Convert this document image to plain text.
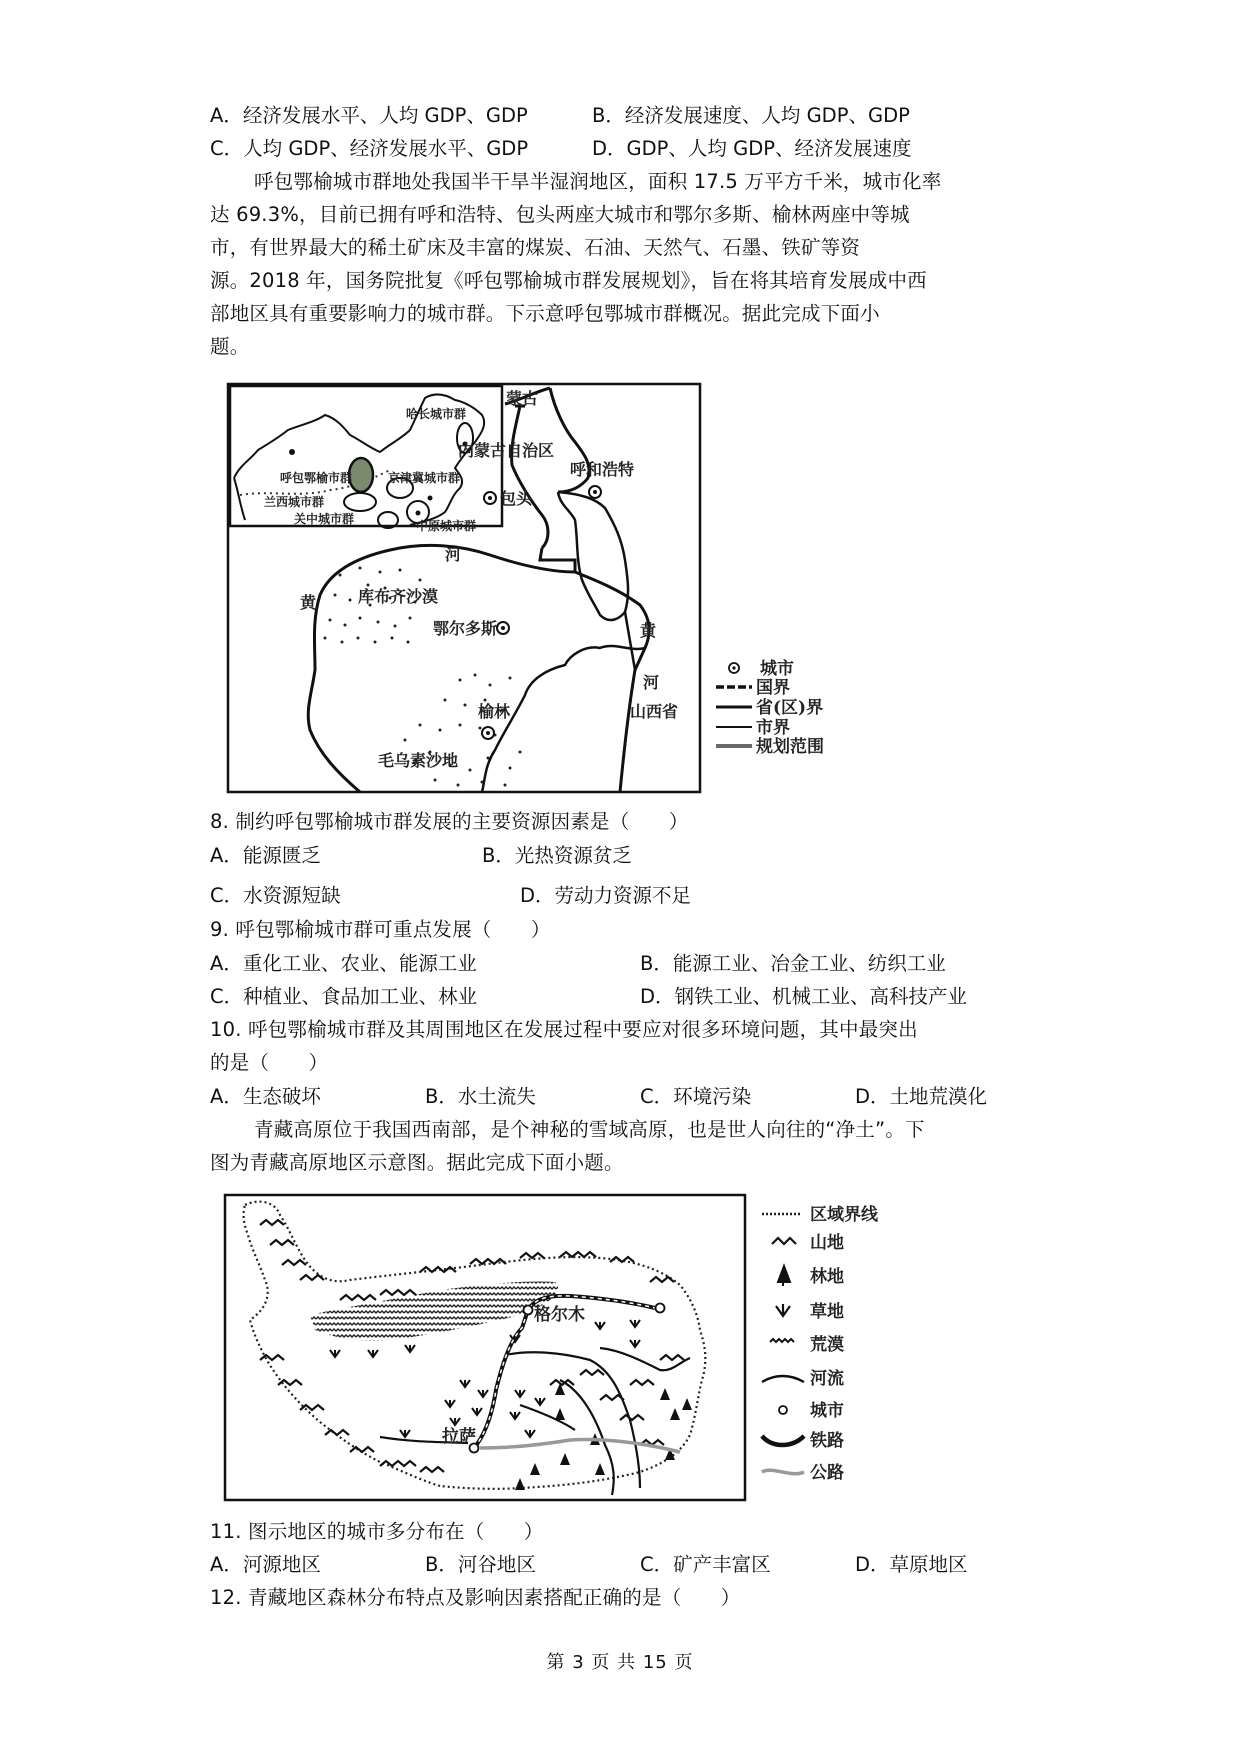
A．经济发展水平、人均 GDP、GDP	B．经济发展速度、人均 GDP、GDP
C．人均 GDP、经济发展水平、GDP	D．GDP、人均 GDP、经济发展速度
呼包鄂榆城市群地处我国半干旱半湿润地区，面积 17.5 万平方千米，城市化率
达 69.3%，目前已拥有呼和浩特、包头两座大城市和鄂尔多斯、榆林两座中等城
市，有世界最大的稀土矿床及丰富的煤炭、石油、天然气、石墨、铁矿等资
源。2018 年，国务院批复《呼包鄂榆城市群发展规划》，旨在将其培育发展成中西
部地区具有重要影响力的城市群。下示意呼包鄂城市群概况。据此完成下面小
题。
哈长城市群
呼包鄂榆市群	京津冀城市群
兰西城市群
关中城市群	中原城市群
蒙古
内蒙古自治区
呼和浩特
包头
鄂尔多斯
榆林
库布齐沙漠
毛乌素沙地
山西省
黄
河
黄
河
城市
国界
省(区)界
市界
规划范围
8. 制约呼包鄂榆城市群发展的主要资源因素是（　　）
A．能源匮乏	B．光热资源贫乏
C．水资源短缺	D．劳动力资源不足
9. 呼包鄂榆城市群可重点发展（　　）
A．重化工业、农业、能源工业	B．能源工业、冶金工业、纺织工业
C．种植业、食品加工业、林业	D．钢铁工业、机械工业、高科技产业
10. 呼包鄂榆城市群及其周围地区在发展过程中要应对很多环境问题，其中最突出
的是（　　）
A．生态破坏	B．水土流失	C．环境污染	D．土地荒漠化
青藏高原位于我国西南部，是个神秘的雪域高原，也是世人向往的“净土”。下
图为青藏高原地区示意图。据此完成下面小题。
格尔木
拉萨
区域界线
山地
林地
草地
荒漠
河流
城市
铁路
公路
11. 图示地区的城市多分布在（　　）
A．河源地区	B．河谷地区	C．矿产丰富区	D．草原地区
12. 青藏地区森林分布特点及影响因素搭配正确的是（　　）
第 3 页 共 15 页
